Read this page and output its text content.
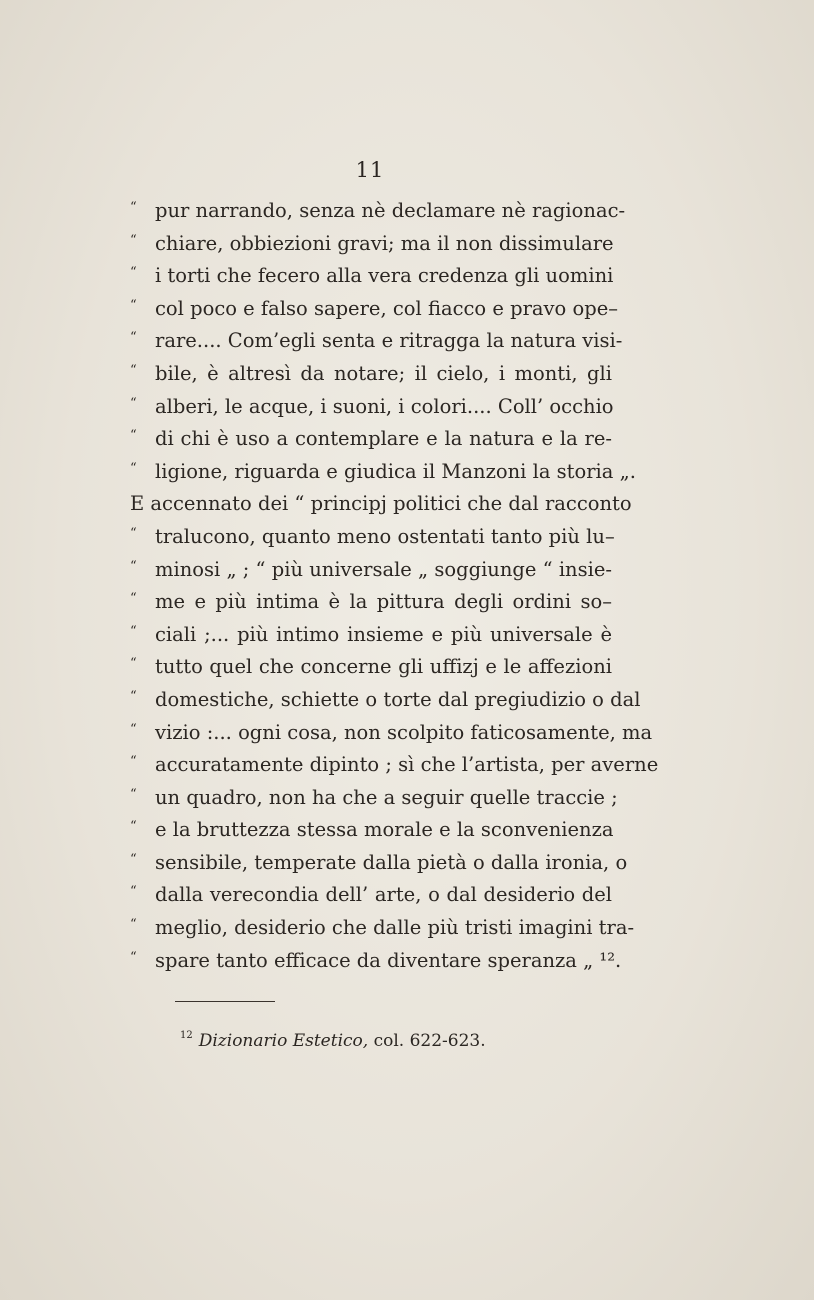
11
“ pur narrando, senza nè declamare nè ragionac-
“ chiare, obbiezioni gravi; ma il non dissimulare
“ i torti che fecero alla vera credenza gli uomini
“ col poco e falso sapere, col fiacco e pravo ope–
“ rare.... Com’egli senta e ritragga la natura visi-
“ bile, è altresì da notare; il cielo, i monti, gli
“ alberi, le acque, i suoni, i colori.... Coll’ occhio
“ di chi è uso a contemplare e la natura e la re-
“ ligione, riguarda e giudica il Manzoni la storia „.
E accennato dei “ principj politici che dal racconto
“ tralucono, quanto meno ostentati tanto più lu–
“ minosi „ ; “ più universale „ soggiunge “ insie-
“ me e più intima è la pittura degli ordini so–
“ ciali ;... più intimo insieme e più universale è
“ tutto quel che concerne gli uffizj e le affezioni
“ domestiche, schiette o torte dal pregiudizio o dal
“ vizio :... ogni cosa, non scolpito faticosamente, ma
“ accuratamente dipinto ; sì che l’artista, per averne
“ un quadro, non ha che a seguir quelle traccie ;
“ e la bruttezza stessa morale e la sconvenienza
“ sensibile, temperate dalla pietà o dalla ironia, o
“ dalla verecondia dell’ arte, o dal desiderio del
“ meglio, desiderio che dalle più tristi imagini tra-
“ spare tanto efficace da diventare speranza „ ¹².
$^{12}$ Dizionario Estetico, col. 622-623.
